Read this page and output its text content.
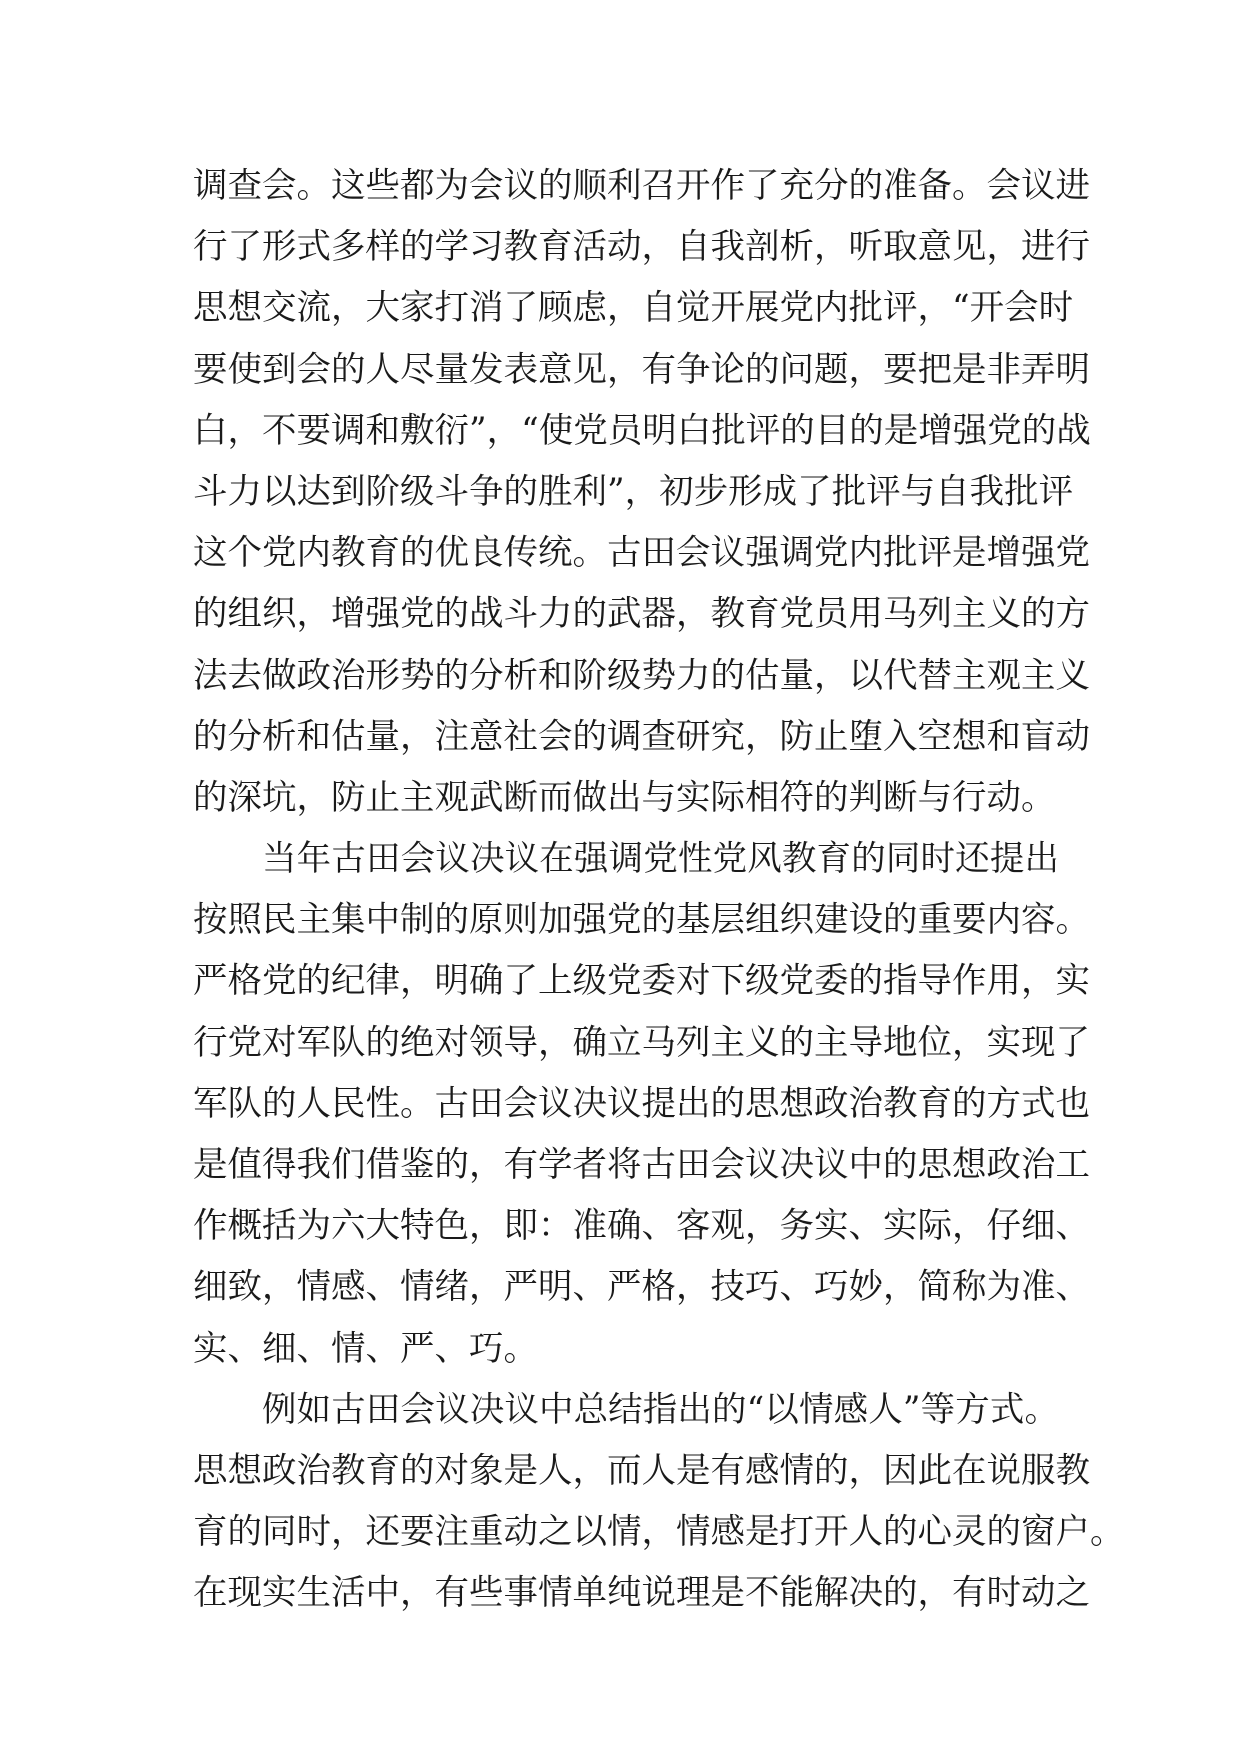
调查会。这些都为会议的顺利召开作了充分的准备。会议进
行了形式多样的学习教育活动，自我剖析，听取意见，进行
思想交流，大家打消了顾虑，自觉开展党内批评，“开会时
要使到会的人尽量发表意见，有争论的问题，要把是非弄明
白，不要调和敷衍”，“使党员明白批评的目的是增强党的战
斗力以达到阶级斗争的胜利”，初步形成了批评与自我批评
这个党内教育的优良传统。古田会议强调党内批评是增强党
的组织，增强党的战斗力的武器，教育党员用马列主义的方
法去做政治形势的分析和阶级势力的估量，以代替主观主义
的分析和估量，注意社会的调查研究，防止堕入空想和盲动
的深坑，防止主观武断而做出与实际相符的判断与行动。
当年古田会议决议在强调党性党风教育的同时还提出
按照民主集中制的原则加强党的基层组织建设的重要内容。
严格党的纪律，明确了上级党委对下级党委的指导作用，实
行党对军队的绝对领导，确立马列主义的主导地位，实现了
军队的人民性。古田会议决议提出的思想政治教育的方式也
是值得我们借鉴的，有学者将古田会议决议中的思想政治工
作概括为六大特色，即：准确、客观，务实、实际，仔细、
细致，情感、情绪，严明、严格，技巧、巧妙，简称为准、
实、细、情、严、巧。
例如古田会议决议中总结指出的“以情感人”等方式。
思想政治教育的对象是人，而人是有感情的，因此在说服教
育的同时，还要注重动之以情，情感是打开人的心灵的窗户。
在现实生活中，有些事情单纯说理是不能解决的，有时动之
